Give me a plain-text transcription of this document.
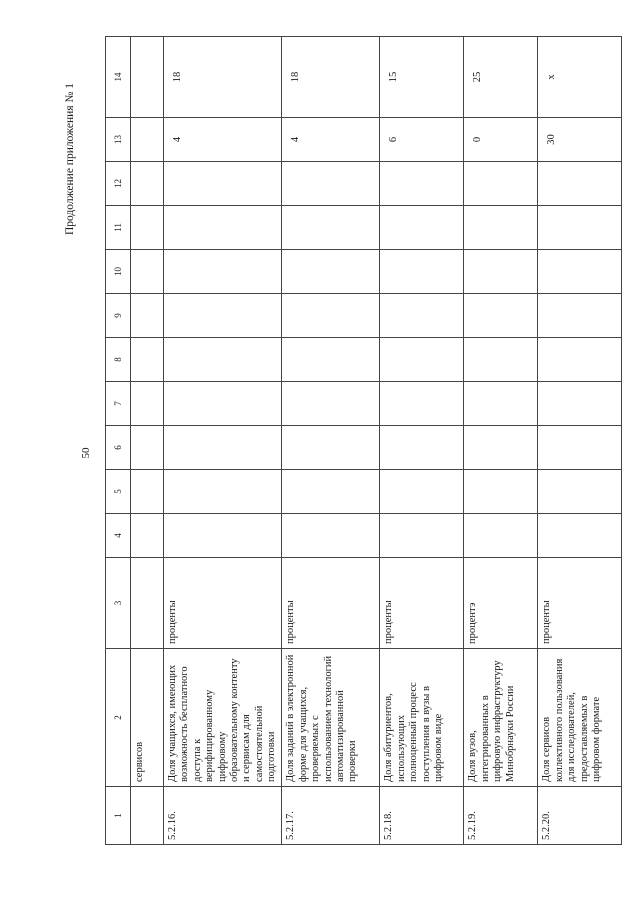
50
Продолжение приложения № 1
1	2	3	4	5	6	7	8	9	10	11	12	13	14
	сервисов												
5.2.16.	Доля учащихся, имеющих возможность бесплатного доступа к верифицированному цифровому образовательному контенту и сервисам для самостоятельной подготовки	проценты										4	18
5.2.17.	Доля заданий в электронной форме для учащихся, проверяемых с использованием технологий автоматизированной проверки	проценты										4	18
5.2.18.	Доля абитуриентов, использующих полноценный процесс поступления в вузы в цифровом виде	проценты										6	15
5.2.19.	Доля вузов, интегрированных в цифровую инфраструктуру Минобрнауки России	процентэ										0	25
5.2.20.	Доля сервисов коллективного пользования для исследователей, предоставляемых в цифровом формате	проценты										30	х
